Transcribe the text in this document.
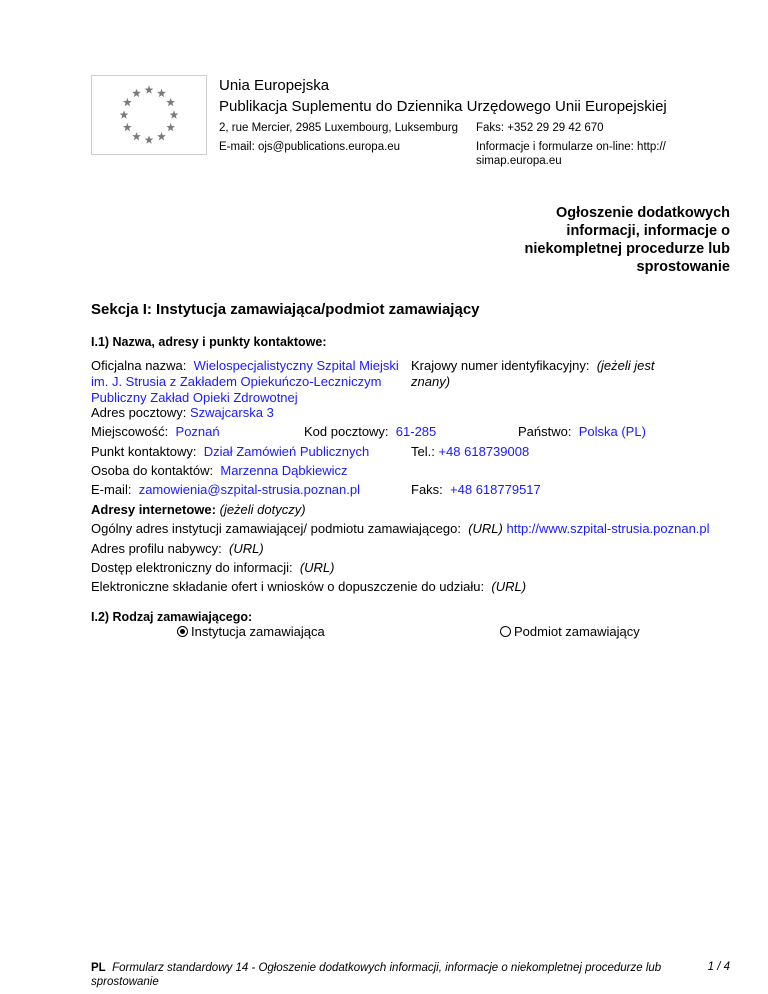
Unia Europejska
Publikacja Suplementu do Dziennika Urzędowego Unii Europejskiej
2, rue Mercier, 2985 Luxembourg, Luksemburg Faks: +352 29 29 42 670
E-mail: ojs@publications.europa.eu	Informacje i formularze on-line: http://
simap.europa.eu
Ogłoszenie dodatkowych
informacji, informacje o
niekompletnej procedurze lub
sprostowanie
Sekcja I: Instytucja zamawiająca/podmiot zamawiający
I.1) Nazwa, adresy i punkty kontaktowe:
Oficjalna nazwa: Wielospecjalistyczny Szpital Miejski
im. J. Strusia z Zakładem Opiekuńczo-Leczniczym
Publiczny Zakład Opieki Zdrowotnej
Krajowy numer identyfikacyjny: (jeżeli jest
znany)
Adres pocztowy: Szwajcarska 3
Miejscowość: Poznań	Kod pocztowy: 61-285	Państwo: Polska (PL)
Punkt kontaktowy: Dział Zamówień Publicznych	Tel.: +48 618739008
Osoba do kontaktów: Marzenna Dąbkiewicz
E-mail: zamowienia@szpital-strusia.poznan.pl	Faks: +48 618779517
Adresy internetowe: (jeżeli dotyczy)
Ogólny adres instytucji zamawiającej/ podmiotu zamawiającego: (URL) http://www.szpital-strusia.poznan.pl
Adres profilu nabywcy: (URL)
Dostęp elektroniczny do informacji: (URL)
Elektroniczne składanie ofert i wniosków o dopuszczenie do udziału: (URL)
I.2) Rodzaj zamawiającego:
Instytucja zamawiająca	Podmiot zamawiający
PL Formularz standardowy 14 - Ogłoszenie dodatkowych informacji, informacje o niekompletnej procedurze lub
sprostowanie
1 / 4
